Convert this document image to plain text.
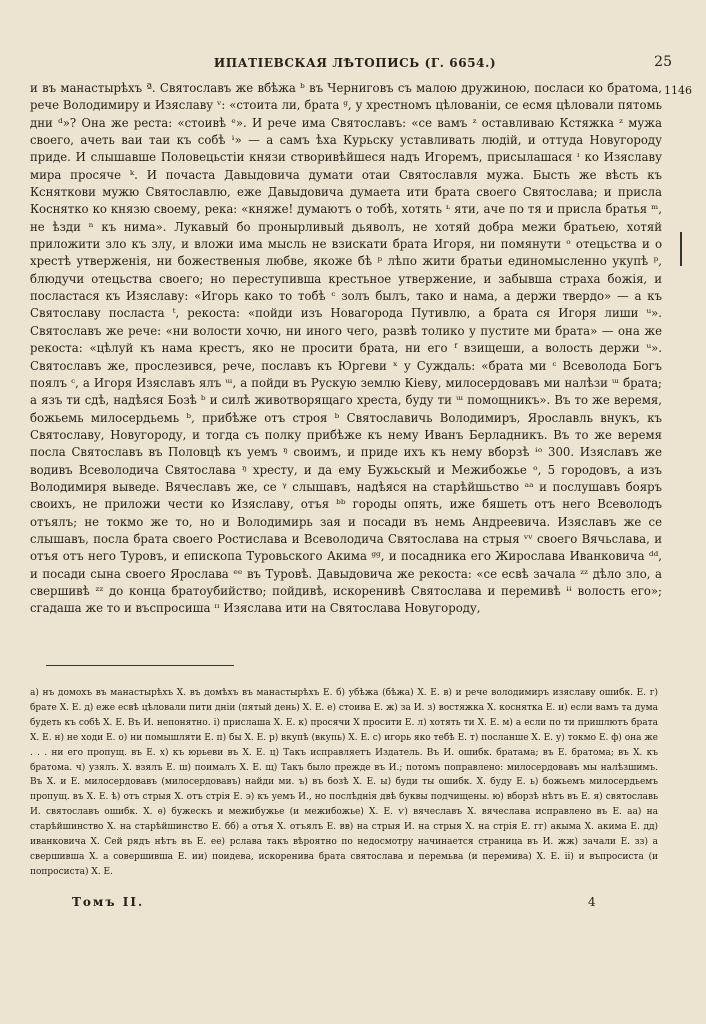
ИПАТІЕВСКАЯ ЛѢТОПИСЬ (Г. 6654.)	25
1146

и въ манастырѣхъ ª. Святославъ же вбѣжа ᵇ въ Черниговъ съ малою дружиною, посласи ко братома, рече Володимиру и Изяславу ᵛ: «стоита ли, брата ᵍ, у хрестномъ цѣлованіи, се есмя цѣловали пятомь дни ᵈ»? Она же реста: «стоивѣ ᵉ». И рече има Святославъ: «се вамъ ᶻ оставливаю Кстяжка ᶻ мужа своего, ачеть ваи таи къ собѣ ᶤ» — а самъ ѣха Курьску уставливать людій, и оттуда Новугороду приде. И слышавше Половецьстіи князи створивѣйшеся надъ Игоремъ, присылашася ᶦ ко Изяславу мира просяче ᵏ. И почаста Давыдовича думати отаи Святославля мужа. Бысть же вѣсть къ Ксняткови мужю Святославлю, еже Давыдовича думаета ити брата своего Святослава; и присла Коснятко ко князю своему, река: «княже! думаютъ о тобѣ, хотять ᶫ яти, аче по тя и присла братья ᵐ, не ѣзди ⁿ къ нима». Лукавый бо пронырливый дьяволъ, не хотяй добра межи братьею, хотяй приложити зло къ злу, и вложи има мысль не взискати брата Игоря, ни помянути ᵒ отецьства и о хрестѣ утверженія, ни божественыя любве, якоже бѣ ᵖ лѣпо жити братьи единомысленно укупѣ ᵖ, блюдучи отецьства своего; но переступивша крестьное утвержение, и забывша страха божія, и посластася къ Изяславу: «Игорь како то тобѣ ᶜ золъ былъ, тако и нама, а держи твердо» — а къ Святославу посласта ᵗ, рекоста: «пойди изъ Новагорода Путивлю, а брата ся Игоря лиши ᵘ». Святославъ же рече: «ни волости хочю, ни иного чего, развѣ толико у пустите ми брата» — она же рекоста: «цѣлуй къ нама крестъ, яко не просити брата, ни его ᶠ взищеши, а волость держи ᵘ». Святославъ же, прослезився, рече, пославъ къ Юргеви ˣ у Суждаль: «брата ми ᶜ Всеволода Богъ поялъ ᶜ, а Игоря Изяславъ ялъ ᵚ, а пойди въ Рускую землю Кіеву, милосердовавъ ми налѣзи ᵚ брата; а язъ ти сдѣ, надѣяся Бозѣ ᵇ и силѣ животворящаго хреста, буду ти ᵚ помощникъ». Въ то же веремя, божьемь милосердьемь ᵇ, прибѣже отъ строя ᵇ Святославичь Володимиръ, Ярославль внукъ, къ Святославу, Новугороду, и тогда съ полку прибѣже къ нему Иванъ Берладникъ. Въ то же веремя посла Святославъ въ Половцѣ къ уемъ ᵑ своимъ, и приде ихъ къ нему вборзѣ ᶤᵒ 300. Изяславъ же водивъ Всеволодича Святослава ᵑ хресту, и да ему Бужьскый и Межибожье ᵒ, 5 городовъ, а изъ Володимиря выведе. Вячеславъ же, се ᵞ слышавъ, надѣяся на старѣйшьство ᵃᵃ и послушавъ бояръ своихъ, не приложи чести ко Изяславу, отъя ᵇᵇ городы опять, иже бяшеть отъ него Всеволодъ отъялъ; не токмо же то, но и Володимирь зая и посади въ немь Андреевича. Изяславъ же се слышавъ, посла брата своего Ростислава и Всеволодича Святослава на стрыя ᵛᵛ своего Вячьслава, и отъя отъ него Туровъ, и епископа Туровьского Акима ᵍᵍ, и посадника его Жирослава Иванковича ᵈᵈ, и посади сына своего Ярослава ᵉᵉ въ Туровѣ. Давыдовича же рекоста: «се есвѣ зачала ᶻᶻ дѣло зло, а свершивѣ ᶻᶻ до конца братоубийство; пойдивѣ, искоренивѣ Святослава и перемивѣ ᶤᶤ волость его»; сгадаша же то и въспросиша ᶦᶦ Изяслава ити на Святослава Новугороду,

а) нъ домохъ въ манастырѣхъ Х. въ домѣхъ въ манастырѣхъ Е. б) убѣжа (бѣжа) Х. Е. в) и рече володимиръ изяславу ошибк. Е. г) брате Х. Е. д) еже есвѣ цѣловали пити дніи (пятый день) Х. Е. е) стоива Е. ж) за И. з) востяжка Х. коснятка Е. и) если вамъ та дума будеть къ собѣ Х. Е. Въ И. непонятно. і) прислаша Х. Е. к) просячи Х просити Е. л) хотять ти Х. Е. м) а если по ти пришлютъ брата Х. Е. н) не ходи Е. о) ни помышляти Е. п) бы Х. Е. р) вкупѣ (вкупь) Х. Е. с) игорь яко тебѣ Е. т) посланше Х. Е. у) токмо Е. ф) она же . . . ни его пропущ. въ Е. х) къ юрьеви въ Х. Е. ц) Такъ исправляетъ Издатель. Въ И. ошибк. братама; въ Е. братома; въ Х. къ братома. ч) узялъ. Х. взялъ Е. ш) поималъ Х. Е. щ) Такъ было прежде въ И.; потомъ поправлено: милосердовавъ мы налѣзшимъ. Въ Х. и Е. милосердовавъ (милосердовавъ) найди ми. ъ) въ бозѣ Х. Е. ы) буди ты ошибк. Х. буду Е. ь) божьемъ милосердьемъ пропущ. въ Х. Е. ѣ) отъ стрыя Х. отъ стрія Е. э) къ уемъ И., но послѣднія двѣ буквы подчищены. ю) вборзѣ нѣтъ въ Е. я) святославь И. святославъ ошибк. Х. ѳ) бужескъ и межибужье (и межибожье) Х. Е. ѵ) вячеславъ Х. вячеслава исправлено въ Е. аа) на старѣйшинство Х. на старѣйшинство Е. бб) а отъя Х. отъялъ Е. вв) на стрыя И. на стрыя Х. на стрія Е. гг) акыма Х. акима Е. дд) иванковича Х. Сей рядъ нѣтъ въ Е. ее) рслава такъ вѣроятно по недосмотру начинается страница въ И. жж) зачали Е. зз) а свершивша Х. а совершивша Е. ии) поидева, искоренива брата святослава и перемьва (и перемива) Х. Е. іі) и въпросиста (и попросиста) Х. Е.

Томъ II.	4
